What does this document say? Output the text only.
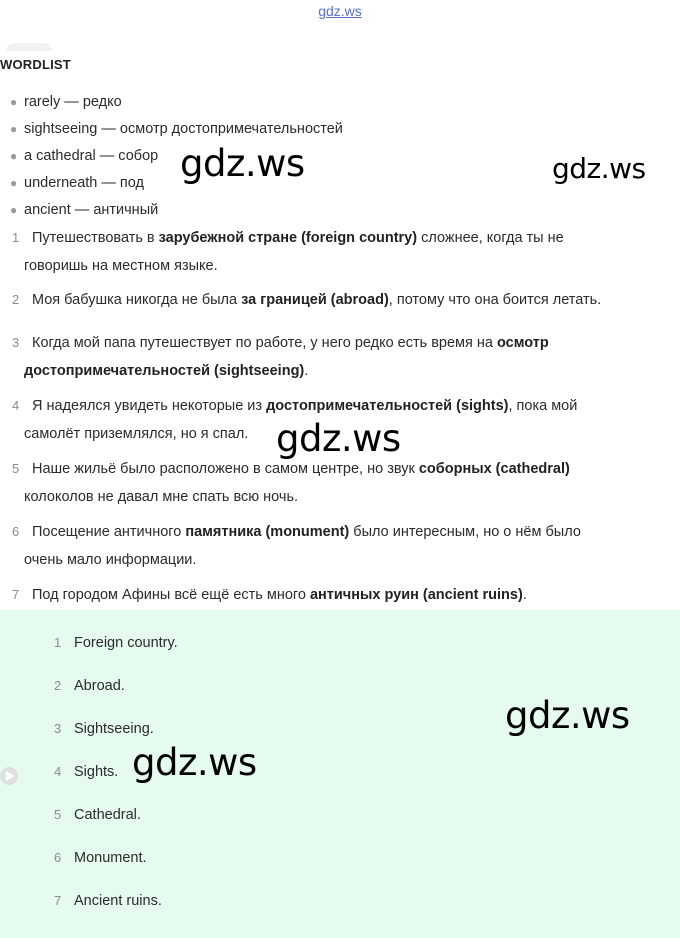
gdz.ws
WORDLIST
● rarely — редко
● sightseeing — осмотр достопримечательностей
● a cathedral — собор
● underneath — под
● ancient — античный
1 Путешествовать в зарубежной стране (foreign country) сложнее, когда ты не
говоришь на местном языке.
2 Моя бабушка никогда не была за границей (abroad), потому что она боится летать.
3 Когда мой папа путешествует по работе, у него редко есть время на осмотр
достопримечательностей (sightseeing).
4 Я надеялся увидеть некоторые из достопримечательностей (sights), пока мой
самолёт приземлялся, но я спал.
5 Наше жильё было расположено в самом центре, но звук соборных (cathedral)
колоколов не давал мне спать всю ночь.
6 Посещение античного памятника (monument) было интересным, но о нём было
очень мало информации.
7 Под городом Афины всё ещё есть много античных руин (ancient ruins).
1 Foreign country.
2 Abroad.
3 Sightseeing.
4 Sights.
5 Cathedral.
6 Monument.
7 Ancient ruins.
gdz.ws	gdz.ws
gdz.ws
gdz.ws
gdz.ws
